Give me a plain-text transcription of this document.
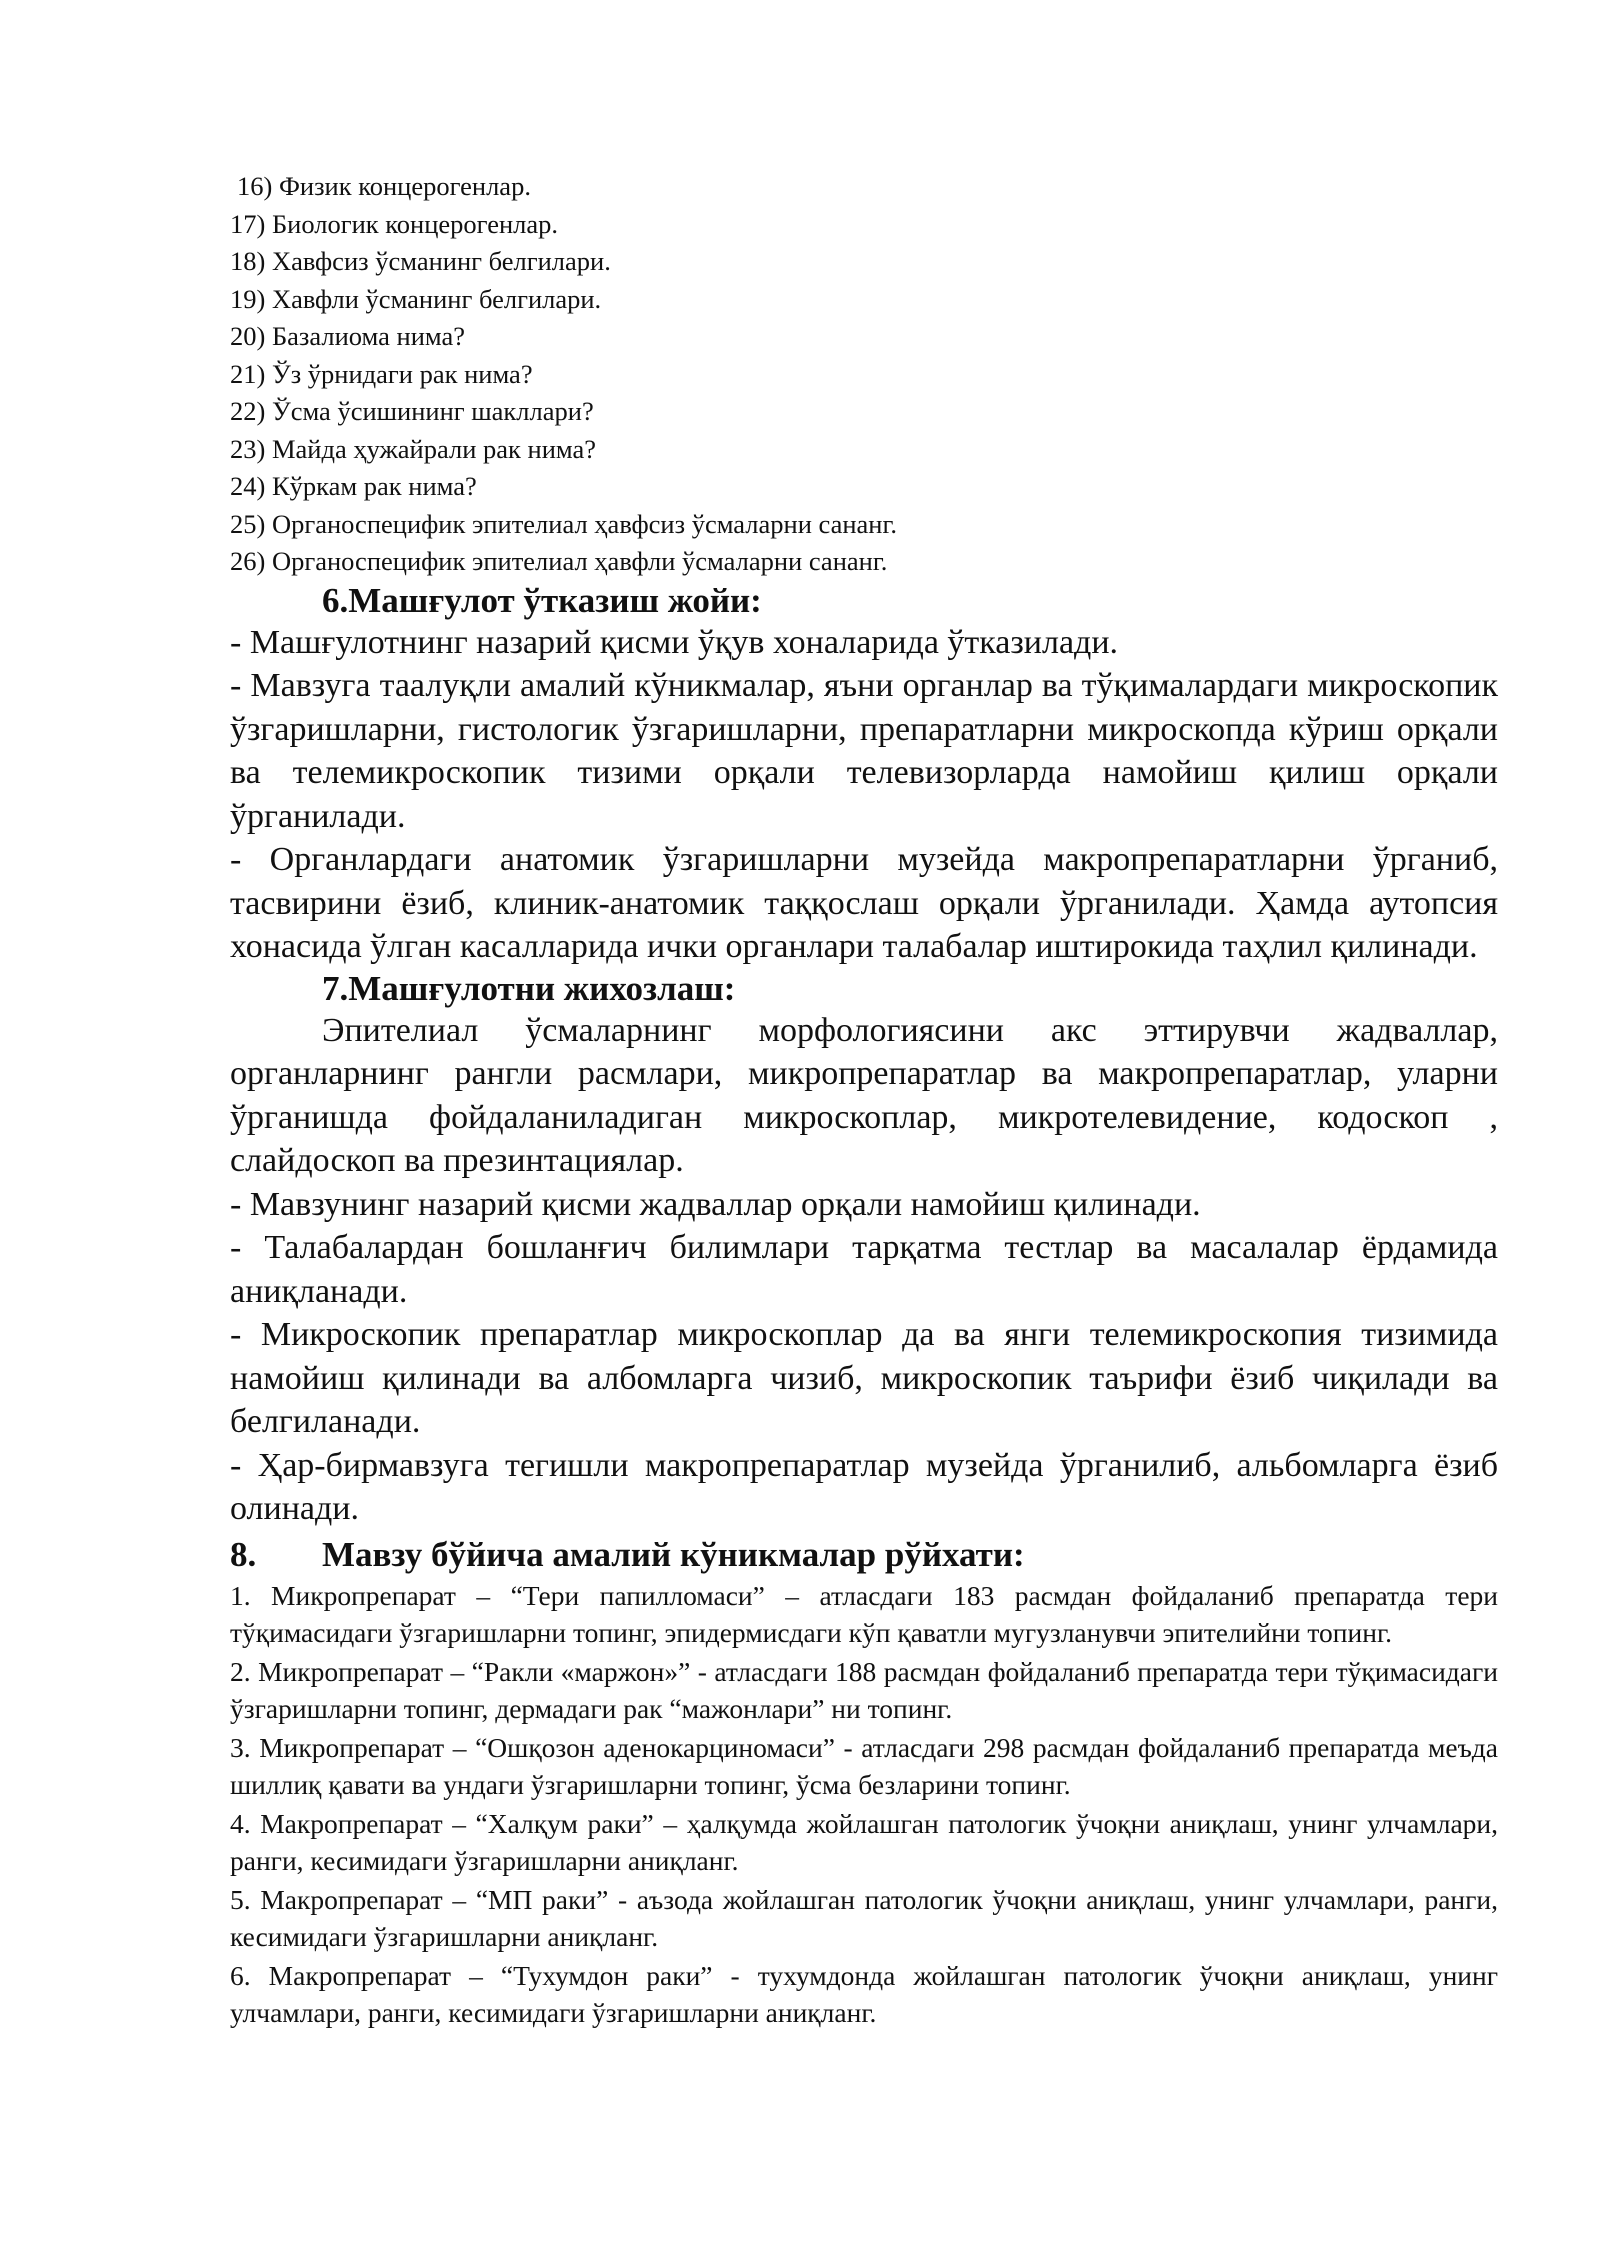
16) Физик концерогенлар.
17) Биологик концерогенлар.
18) Хавфсиз ўсманинг белгилари.
19) Хавфли ўсманинг белгилари.
20) Базалиома нима?
21) Ўз ўрнидаги рак нима?
22) Ўсма ўсишининг шакллари?
23) Майда ҳужайрали рак нима?
24) Кўркам рак нима?
25) Органоспецифик эпителиал ҳавфсиз ўсмаларни сананг.
26) Органоспецифик эпителиал ҳавфли ўсмаларни сананг.
6.Машғулот ўтказиш жойи:

- Машғулотнинг назарий қисми ўқув хоналарида ўтказилади.

- Мавзуга таалуқли амалий кўникмалар, яъни органлар ва тўқималардаги микроскопик ўзгаришларни, гистологик ўзгаришларни, препаратларни микроскопда кўриш орқали ва телемикроскопик тизими орқали телевизорларда намойиш қилиш орқали ўрганилади.

- Органлардаги анатомик ўзгаришларни музейда макропрепаратларни ўрганиб, тасвирини ёзиб, клиник-анатомик таққослаш орқали ўрганилади. Ҳамда аутопсия хонасида ўлган касалларида ички органлари талабалар иштирокида таҳлил қилинади.

7.Машғулотни жихозлаш:

Эпителиал ўсмаларнинг морфологиясини акс эттирувчи жадваллар, органларнинг рангли расмлари, микропрепаратлар ва макропрепаратлар, уларни ўрганишда фойдаланиладиган микроскоплар, микротелевидение, кодоскоп , слайдоскоп ва презинтациялар.

- Мавзунинг назарий қисми жадваллар орқали намойиш қилинади.

- Талабалардан бошланғич билимлари тарқатма тестлар ва масалалар ёрдамида аниқланади.

- Микроскопик препаратлар микроскоплар да ва янги телемикроскопия тизимида намойиш қилинади ва албомларга чизиб, микроскопик таърифи ёзиб чиқилади ва белгиланади.

- Ҳар-бирмавзуга тегишли макропрепаратлар музейда ўрганилиб, альбомларга ёзиб олинади.

8.	Мавзу бўйича амалий кўникмалар рўйхати:

1. Микропрепарат – “Тери папилломаси” – атласдаги 183 расмдан фойдаланиб препаратда тери тўқимасидаги ўзгаришларни топинг, эпидермисдаги кўп қаватли мугузланувчи эпителийни топинг.

2. Микропрепарат – “Ракли «маржон»” - атласдаги 188 расмдан фойдаланиб препаратда тери тўқимасидаги ўзгаришларни топинг, дермадаги рак “мажонлари” ни топинг.

3. Микропрепарат – “Ошқозон аденокарциномаси” - атласдаги 298 расмдан фойдаланиб препаратда меъда шиллиқ қавати ва ундаги ўзгаришларни топинг, ўсма безларини топинг.

4. Макропрепарат – “Халқум раки” – ҳалқумда жойлашган патологик ўчоқни аниқлаш, унинг улчамлари, ранги, кесимидаги ўзгаришларни аниқланг.

5. Макропрепарат – “МП раки” - аъзода жойлашган патологик ўчоқни аниқлаш, унинг улчамлари, ранги, кесимидаги ўзгаришларни аниқланг.

6. Макропрепарат – “Тухумдон раки” - тухумдонда жойлашган патологик ўчоқни аниқлаш, унинг улчамлари, ранги, кесимидаги ўзгаришларни аниқланг.
